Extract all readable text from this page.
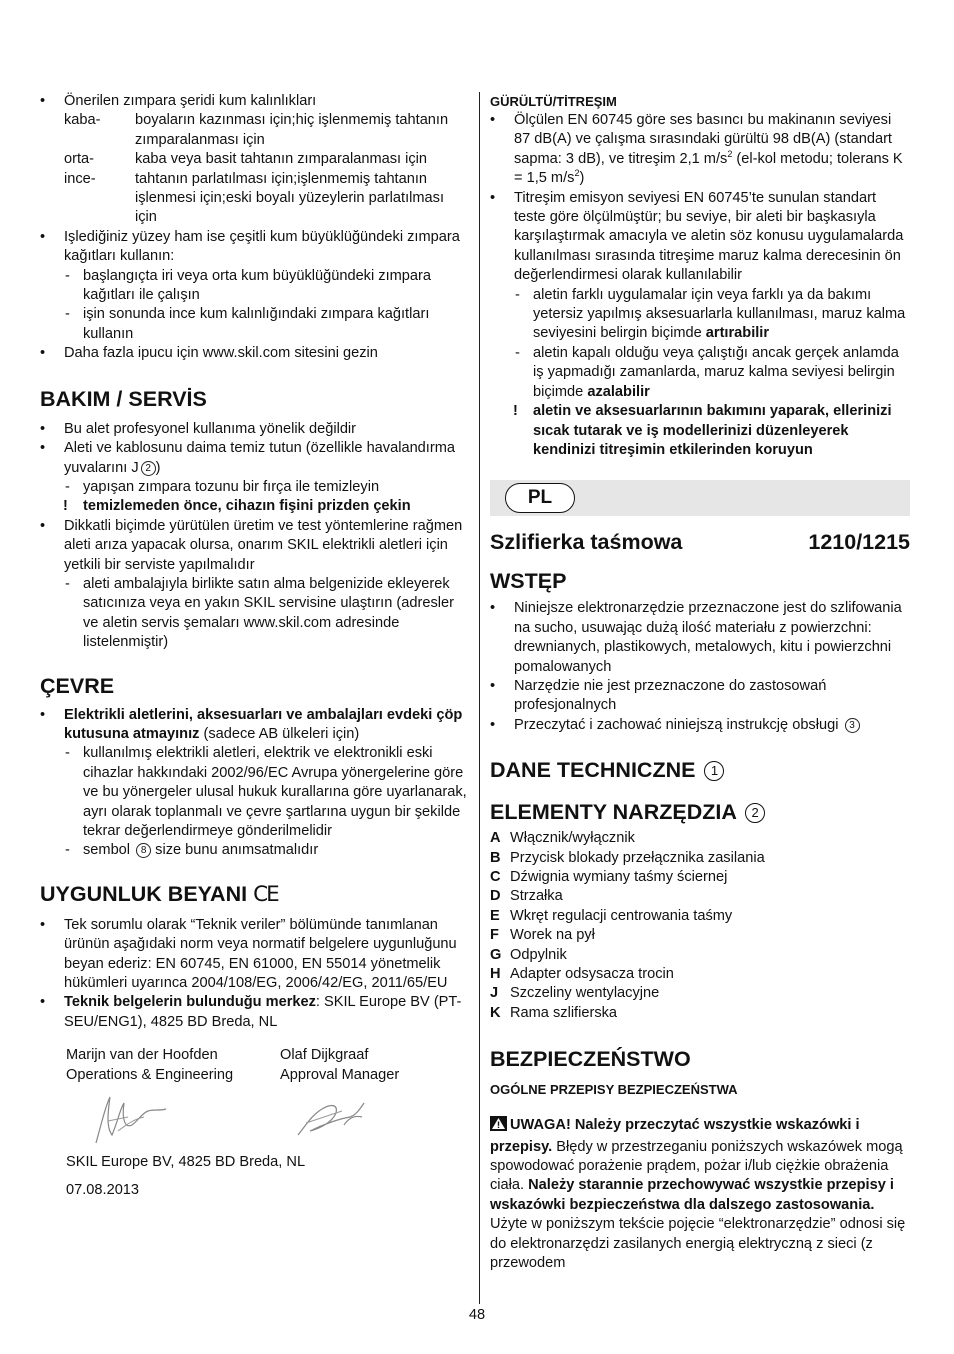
• Önerilen zımpara şeridi kum kalınlıkları
kaba-	boyaların kazınması için;hiç işlenmemiş tahtanın zımparalanması için
orta-	kaba veya basit tahtanın zımparalanması için
ince-	tahtanın parlatılması için;işlenmemiş tahtanın işlenmesi için;eski boyalı yüzeylerin parlatılması için
• Işlediğiniz yüzey ham ise çeşitli kum büyüklüğündeki zımpara kağıtları kullanın:
- başlangıçta iri veya orta kum büyüklüğündeki zımpara kağıtları ile çalışın
- işin sonunda ince kum kalınlığındaki zımpara kağıtları kullanın
• Daha fazla ipucu için www.skil.com sitesini gezin
BAKIM / SERVİS
• Bu alet profesyonel kullanıma yönelik değildir
• Aleti ve kablosunu daima temiz tutun (özellikle havalandırma yuvalarını J 2 )
- yapışan zımpara tozunu bir fırça ile temizleyin
! temizlemeden önce, cihazın fişini prizden çekin
• Dikkatli biçimde yürütülen üretim ve test yöntemlerine rağmen aleti arıza yapacak olursa, onarım SKIL elektrikli aletleri için yetkili bir serviste yapılmalıdır
- aleti ambalajıyla birlikte satın alma belgenizide ekleyerek satıcınıza veya en yakın SKIL servisine ulaştırın (adresler ve aletin servis şemaları www.skil.com adresinde listelenmiştir)
ÇEVRE
• Elektrikli aletlerini, aksesuarları ve ambalajları evdeki çöp kutusuna atmayınız (sadece AB ülkeleri için)
- kullanılmış elektrikli aletleri, elektrik ve elektronikli eski cihazlar hakkındaki 2002/96/EC Avrupa yönergelerine göre ve bu yönergeler ulusal hukuk kurallarına göre uyarlanarak, ayrı olarak toplanmalı ve çevre şartlarına uygun bir şekilde tekrar değerlendirmeye gönderilmelidir
- sembol 8 size bunu anımsatmalıdır
UYGUNLUK BEYANI CE
• Tek sorumlu olarak “Teknik veriler” bölümünde tanımlanan ürünün aşağıdaki norm veya normatif belgelere uygunluğunu beyan ederiz: EN 60745, EN 61000, EN 55014 yönetmelik hükümleri uyarınca 2004/108/EG, 2006/42/EG, 2011/65/EU
• Teknik belgelerin bulunduğu merkez: SKIL Europe BV (PT-SEU/ENG1), 4825 BD Breda, NL
Marijn van der Hoofden	Olaf Dijkgraaf
Operations & Engineering	Approval Manager
SKIL Europe BV, 4825 BD Breda, NL
07.08.2013
GÜRÜLTÜ/TİTREŞIM
• Ölçülen EN 60745 göre ses basıncı bu makinanın seviyesi 87 dB(A) ve çalışma sırasındaki gürültü 98 dB(A) (standart sapma: 3 dB), ve titreşim 2,1 $m/s^2$ (el-kol metodu; tolerans K = 1,5 $m/s^2$)
• Titreşim emisyon seviyesi EN 60745’te sunulan standart teste göre ölçülmüştür; bu seviye, bir aleti bir başkasıyla karşılaştırmak amacıyla ve aletin söz konusu uygulamalarda kullanılması sırasında titreşime maruz kalma derecesinin ön değerlendirmesi olarak kullanılabilir
- aletin farklı uygulamalar için veya farklı ya da bakımı yetersiz yapılmış aksesuarlarla kullanılması, maruz kalma seviyesini belirgin biçimde artırabilir
- aletin kapalı olduğu veya çalıştığı ancak gerçek anlamda iş yapmadığı zamanlarda, maruz kalma seviyesi belirgin biçimde azalabilir
! aletin ve aksesuarlarının bakımını yaparak, ellerinizi sıcak tutarak ve iş modellerinizi düzenleyerek kendinizi titreşimin etkilerinden koruyun
PL
Szlifierka taśmowa	1210/1215
WSTĘP
• Niniejsze elektronarzędzie przeznaczone jest do szlifowania na sucho, usuwając dużą ilość materiału z powierzchni: drewnianych, plastikowych, metalowych, kitu i powierzchni pomalowanych
• Narzędzie nie jest przeznaczone do zastosowań profesjonalnych
• Przeczytać i zachować niniejszą instrukcję obsługi 3
DANE TECHNICZNE 1
ELEMENTY NARZĘDZIA 2
A Włącznik/wyłącznik
B Przycisk blokady przełącznika zasilania
C Dźwignia wymiany taśmy ściernej
D Strzałka
E Wkręt regulacji centrowania taśmy
F Worek na pył
G Odpylnik
H Adapter odsysacza trocin
J Szczeliny wentylacyjne
K Rama szlifierska
BEZPIECZEŃSTWO
OGÓLNE PRZEPISY BEZPIECZEŃSTWA
UWAGA! Należy przeczytać wszystkie wskazówki i przepisy. Błędy w przestrzeganiu poniższych wskazówek mogą spowodować porażenie prądem, pożar i/lub ciężkie obrażenia ciała. Należy starannie przechowywać wszystkie przepisy i wskazówki bezpieczeństwa dla dalszego zastosowania. Użyte w poniższym tekście pojęcie “elektronarzędzie” odnosi się do elektronarzędzi zasilanych energią elektryczną z sieci (z przewodem
48
